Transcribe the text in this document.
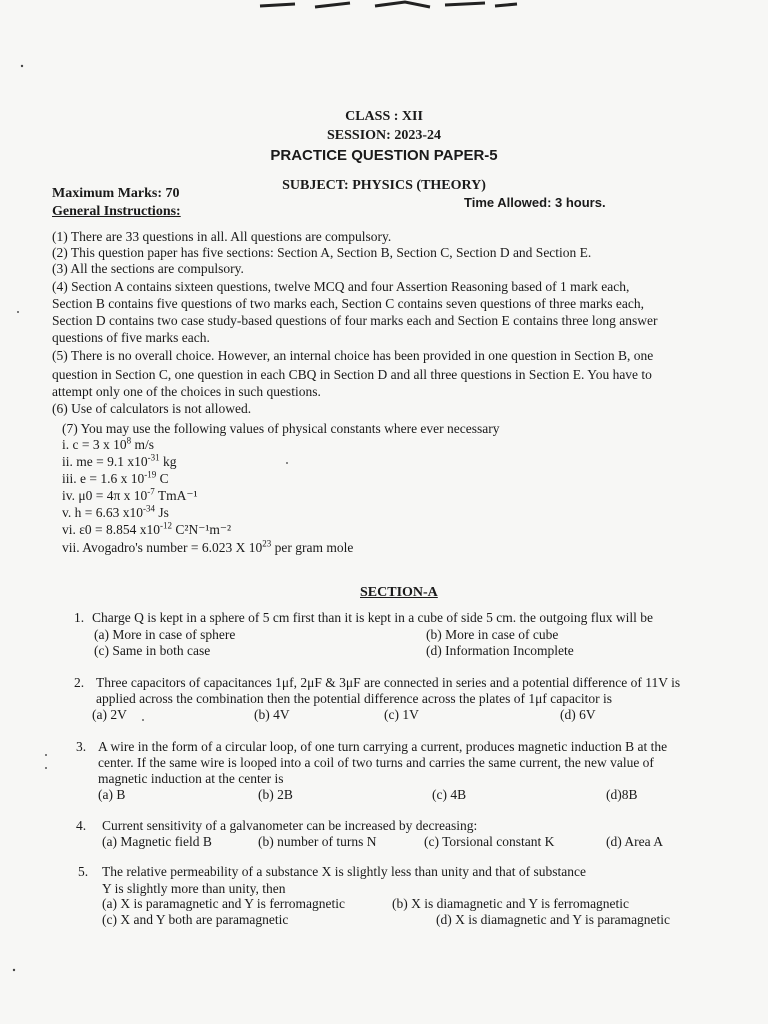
CLASS : XII
SESSION: 2023-24
PRACTICE QUESTION PAPER-5
SUBJECT: PHYSICS (THEORY)
Maximum Marks: 70
Time Allowed: 3 hours.
General Instructions:
(1) There are 33 questions in all. All questions are compulsory.
(2) This question paper has five sections: Section A, Section B, Section C, Section D and Section E.
(3) All the sections are compulsory.
(4) Section A contains sixteen questions, twelve MCQ and four Assertion Reasoning based of 1 mark each,
Section B contains five questions of two marks each, Section C contains seven questions of three marks each,
Section D contains two case study-based questions of four marks each and Section E contains three long answer
questions of five marks each.
(5) There is no overall choice. However, an internal choice has been provided in one question in Section B, one
question in Section C, one question in each CBQ in Section D and all three questions in Section E. You have to
attempt only one of the choices in such questions.
(6) Use of calculators is not allowed.
(7) You may use the following values of physical constants where ever necessary
i. c = 3 x $10^8$ m/s
ii. me = 9.1 $x10^{-31}$ kg
iii. e = 1.6 x $10^{-19}$ C
iv. μ0 = 4π x $10^{-7}$ TmA⁻¹
v. h = 6.63 $x10^{-34}$ Js
vi. ε0 = 8.854 $x10^{-12}$ C²N⁻¹m⁻²
vii. Avogadro's number = 6.023 X $10^{23}$ per gram mole
SECTION-A
1. Charge Q is kept in a sphere of 5 cm first than it is kept in a cube of side 5 cm. the outgoing flux will be
(a) More in case of sphere	(b) More in case of cube
(c) Same in both case	(d) Information Incomplete
2. Three capacitors of capacitances 1μf, 2μF & 3μF are connected in series and a potential difference of 11V is
applied across the combination then the potential difference across the plates of 1μf capacitor is
(a) 2V	(b) 4V	(c) 1V	(d) 6V
3. A wire in the form of a circular loop, of one turn carrying a current, produces magnetic induction B at the
center. If the same wire is looped into a coil of two turns and carries the same current, the new value of
magnetic induction at the center is
(a) B	(b) 2B	(c) 4B	(d)8B
4. Current sensitivity of a galvanometer can be increased by decreasing:
(a) Magnetic field B	(b) number of turns N	(c) Torsional constant K	(d) Area A
5. The relative permeability of a substance X is slightly less than unity and that of substance
Y is slightly more than unity, then
(a) X is paramagnetic and Y is ferromagnetic	(b) X is diamagnetic and Y is ferromagnetic
(c) X and Y both are paramagnetic	(d) X is diamagnetic and Y is paramagnetic
